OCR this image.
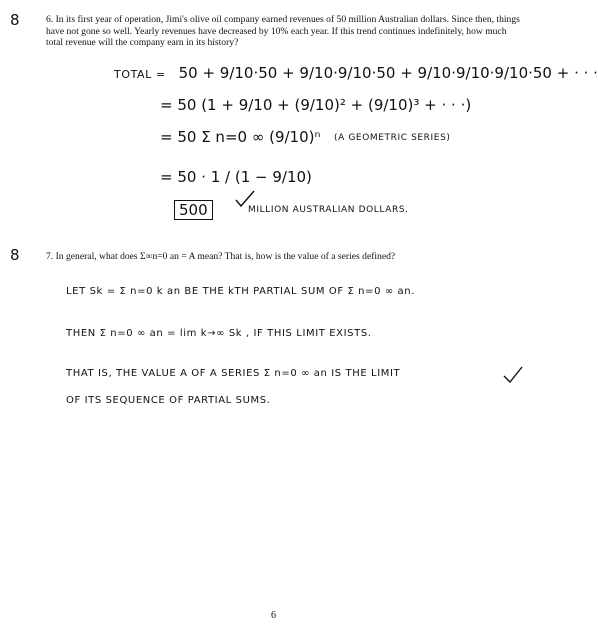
8	6. In its first year of operation, Jimi's olive oil company earned revenues of 50 million Australian dollars. Since then, things have not gone so well. Yearly revenues have decreased by 10% each year. If this trend continues indefinitely, how much total revenue will the company earn in its history?
TOTAL = 50 + 9/10·50 + 9/10·9/10·50 + 9/10·9/10·9/10·50 + · · ·
= 50 (1 + 9/10 + (9/10)² + (9/10)³ + · · ·)
= 50 Σ n=0 ∞ (9/10)ⁿ (A GEOMETRIC SERIES)
= 50 · 1 / (1 − 9/10)
500	MILLION AUSTRALIAN DOLLARS.
8	7. In general, what does Σ∞n=0 an = A mean? That is, how is the value of a series defined?
LET Sk = Σ n=0 k an BE THE kTH PARTIAL SUM OF Σ n=0 ∞ an.
THEN Σ n=0 ∞ an = lim k→∞ Sk , IF THIS LIMIT EXISTS.
THAT IS, THE VALUE A OF A SERIES Σ n=0 ∞ an IS THE LIMIT
OF ITS SEQUENCE OF PARTIAL SUMS.
6
